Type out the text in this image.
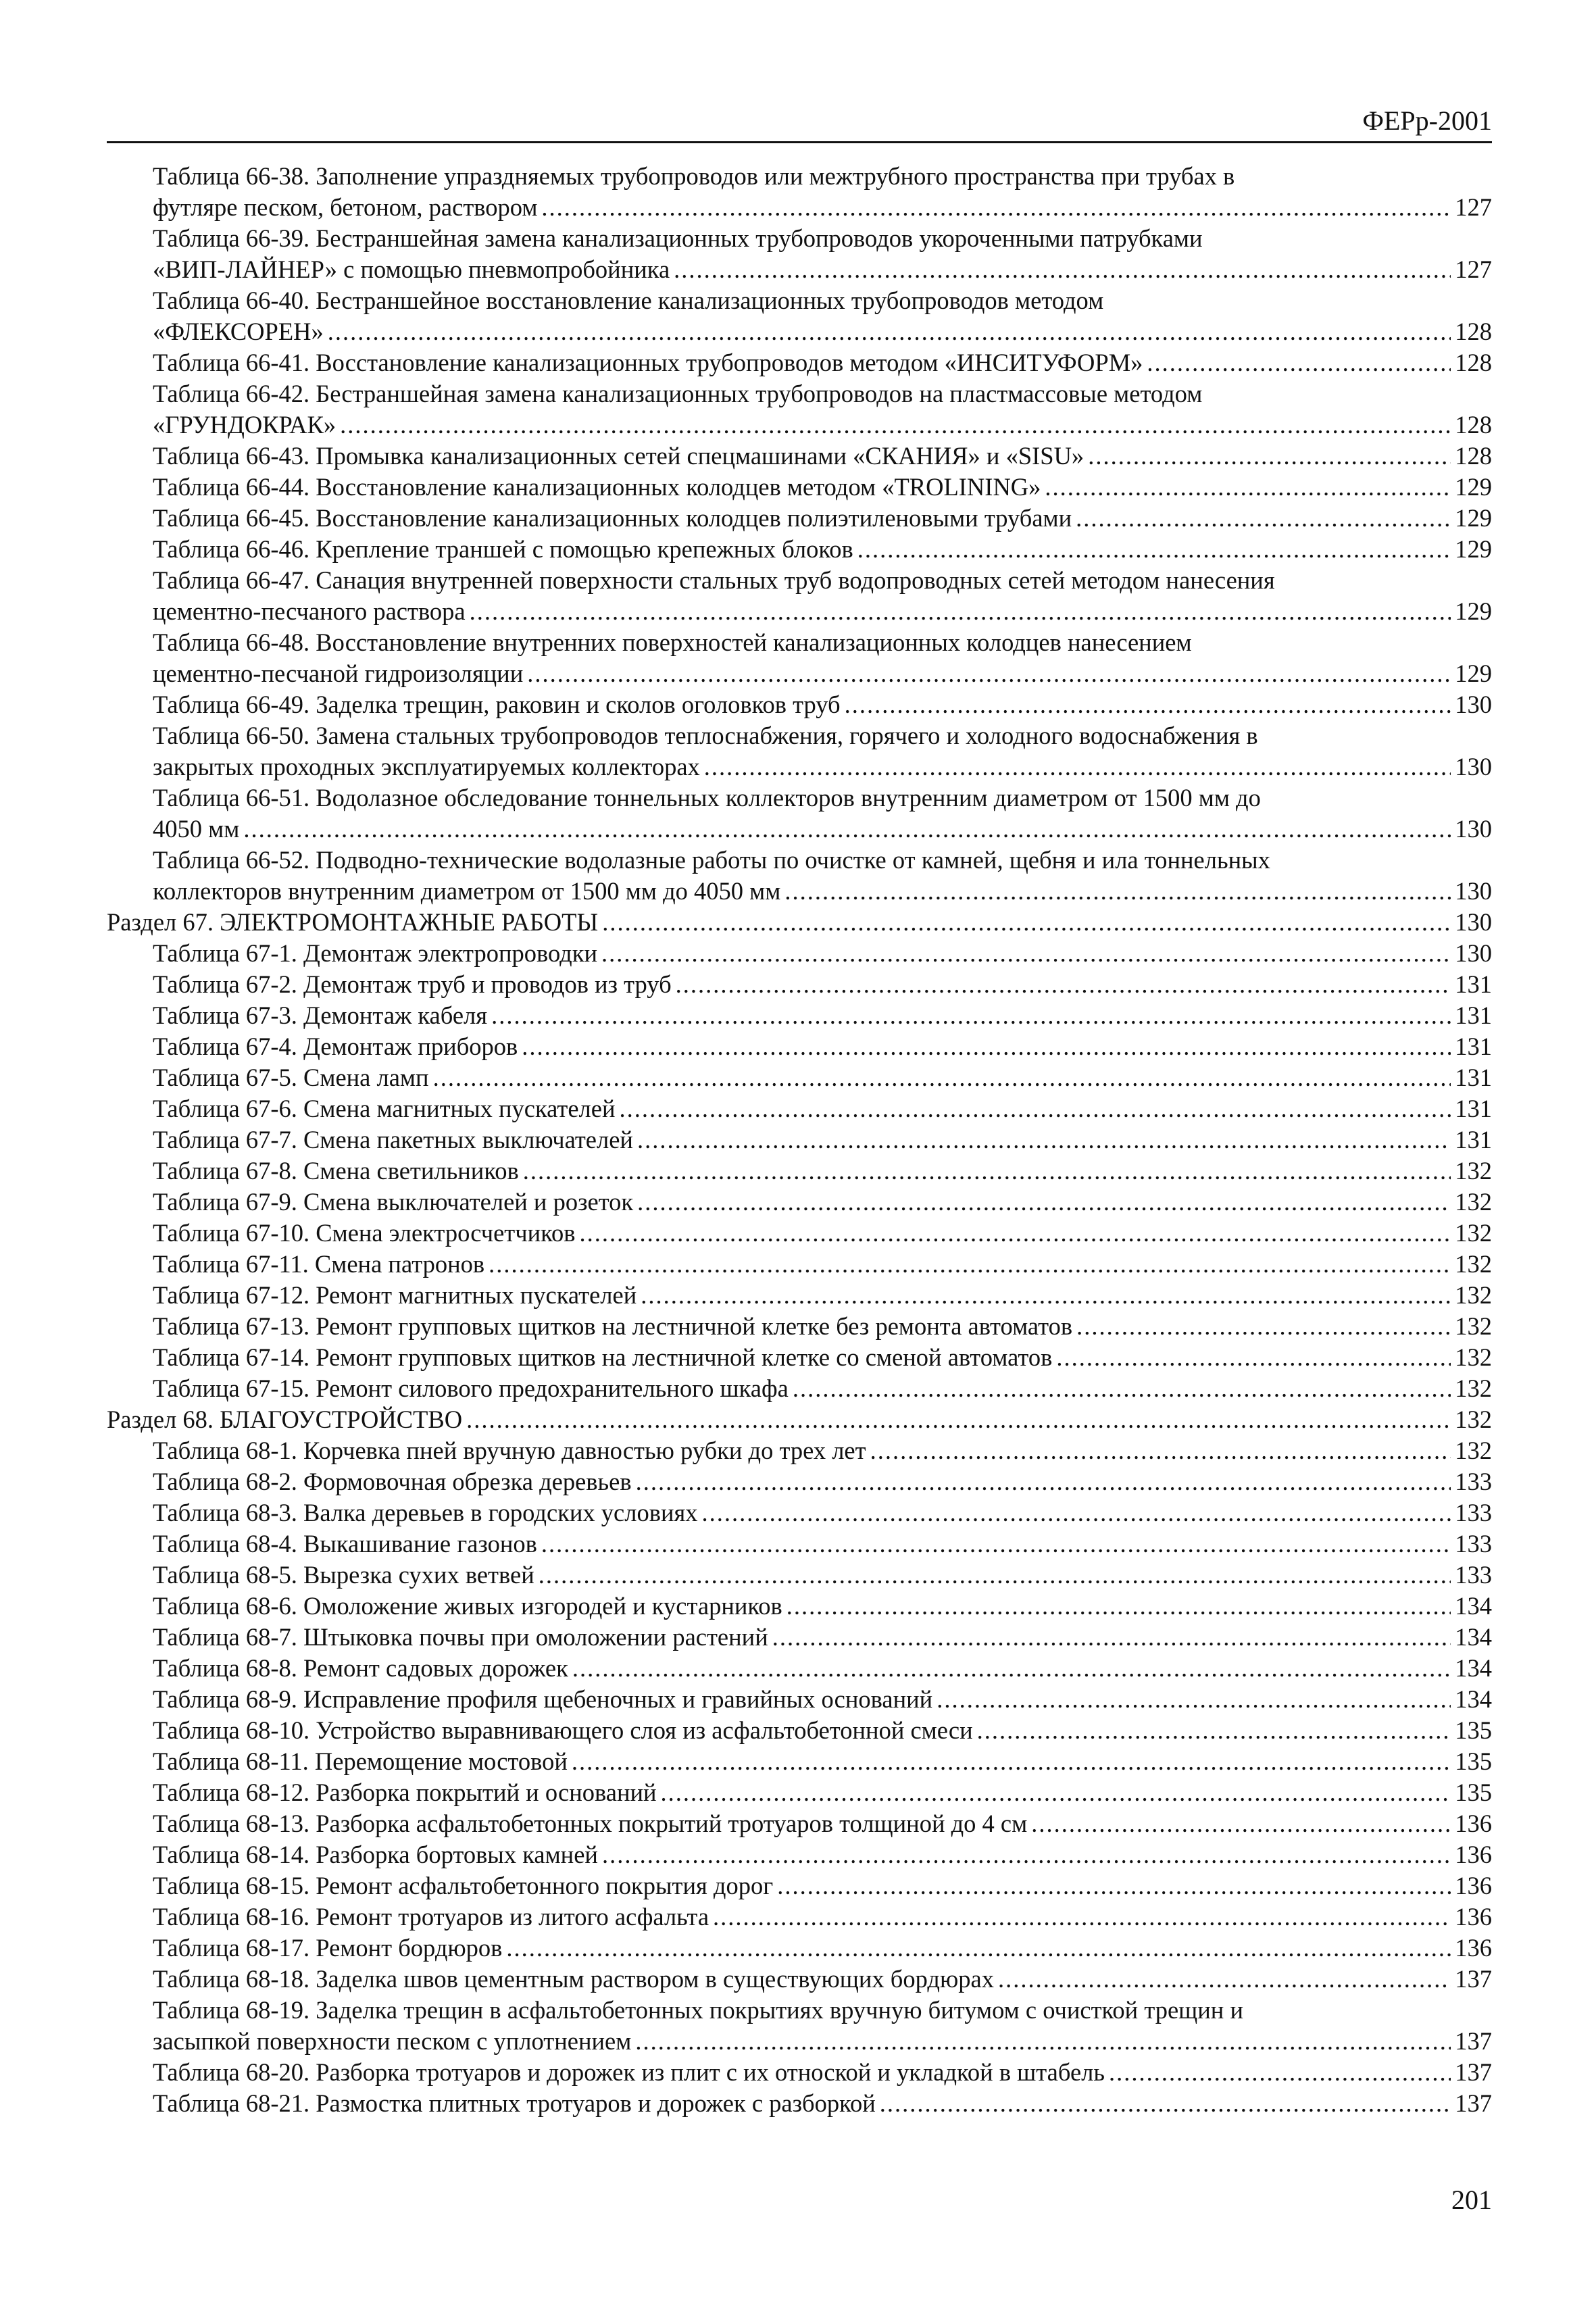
ФЕРр-2001
Таблица 66-38. Заполнение упраздняемых трубопроводов или межтрубного пространства при трубах в
футляре песком, бетоном, раствором .....	127
Таблица 66-39. Бестраншейная замена канализационных трубопроводов укороченными патрубками
«ВИП-ЛАЙНЕР» с помощью пневмопробойника .....	127
Таблица 66-40. Бестраншейное восстановление канализационных трубопроводов методом
«ФЛЕКСОРЕН» .....	128
Таблица 66-41. Восстановление канализационных трубопроводов методом «ИНСИТУФОРМ» .....	128
Таблица 66-42. Бестраншейная замена канализационных трубопроводов на пластмассовые методом
«ГРУНДОКРАК» .....	128
Таблица 66-43. Промывка канализационных сетей спецмашинами «СКАНИЯ» и «SISU» .....	128
Таблица 66-44. Восстановление канализационных колодцев методом «TROLINING» .....	129
Таблица 66-45. Восстановление канализационных колодцев полиэтиленовыми трубами .....	129
Таблица 66-46. Крепление траншей с помощью крепежных блоков .....	129
Таблица 66-47. Санация внутренней поверхности стальных труб водопроводных сетей методом нанесения
цементно-песчаного раствора .....	129
Таблица 66-48. Восстановление внутренних поверхностей канализационных колодцев нанесением
цементно-песчаной гидроизоляции .....	129
Таблица 66-49. Заделка трещин, раковин и сколов оголовков труб .....	130
Таблица 66-50. Замена стальных трубопроводов теплоснабжения, горячего и холодного водоснабжения в
закрытых проходных эксплуатируемых коллекторах .....	130
Таблица 66-51. Водолазное обследование тоннельных коллекторов внутренним диаметром от 1500 мм до
4050 мм .....	130
Таблица 66-52. Подводно-технические водолазные работы по очистке от камней, щебня и ила тоннельных
коллекторов внутренним диаметром от 1500 мм до 4050 мм .....	130
Раздел 67. ЭЛЕКТРОМОНТАЖНЫЕ РАБОТЫ .....	130
Таблица 67-1. Демонтаж электропроводки .....	130
Таблица 67-2. Демонтаж труб и проводов из труб .....	131
Таблица 67-3. Демонтаж кабеля .....	131
Таблица 67-4. Демонтаж приборов .....	131
Таблица 67-5. Смена ламп .....	131
Таблица 67-6. Смена магнитных пускателей .....	131
Таблица 67-7. Смена пакетных выключателей .....	131
Таблица 67-8. Смена светильников .....	132
Таблица 67-9. Смена выключателей и розеток .....	132
Таблица 67-10. Смена электросчетчиков .....	132
Таблица 67-11. Смена патронов .....	132
Таблица 67-12. Ремонт магнитных пускателей .....	132
Таблица 67-13. Ремонт групповых щитков на лестничной клетке без ремонта автоматов .....	132
Таблица 67-14. Ремонт групповых щитков на лестничной клетке со сменой автоматов .....	132
Таблица 67-15. Ремонт силового предохранительного шкафа .....	132
Раздел 68. БЛАГОУСТРОЙСТВО .....	132
Таблица 68-1. Корчевка пней вручную давностью рубки до трех лет .....	132
Таблица 68-2. Формовочная обрезка деревьев .....	133
Таблица 68-3. Валка деревьев в городских условиях .....	133
Таблица 68-4. Выкашивание газонов .....	133
Таблица 68-5. Вырезка сухих ветвей .....	133
Таблица 68-6. Омоложение живых изгородей и кустарников .....	134
Таблица 68-7. Штыковка почвы при омоложении растений .....	134
Таблица 68-8. Ремонт садовых дорожек .....	134
Таблица 68-9. Исправление профиля щебеночных и гравийных оснований .....	134
Таблица 68-10. Устройство выравнивающего слоя из асфальтобетонной смеси .....	135
Таблица 68-11. Перемощение мостовой .....	135
Таблица 68-12. Разборка покрытий и оснований .....	135
Таблица 68-13. Разборка асфальтобетонных покрытий тротуаров толщиной до 4 см .....	136
Таблица 68-14. Разборка бортовых камней .....	136
Таблица 68-15. Ремонт асфальтобетонного покрытия дорог .....	136
Таблица 68-16. Ремонт тротуаров из литого асфальта .....	136
Таблица 68-17. Ремонт бордюров .....	136
Таблица 68-18. Заделка швов цементным раствором в существующих бордюрах .....	137
Таблица 68-19. Заделка трещин в асфальтобетонных покрытиях вручную битумом с очисткой трещин и
засыпкой поверхности песком с уплотнением .....	137
Таблица 68-20. Разборка тротуаров и дорожек из плит с их отноской и укладкой в штабель .....	137
Таблица 68-21. Размостка плитных тротуаров и дорожек с разборкой .....	137
201
